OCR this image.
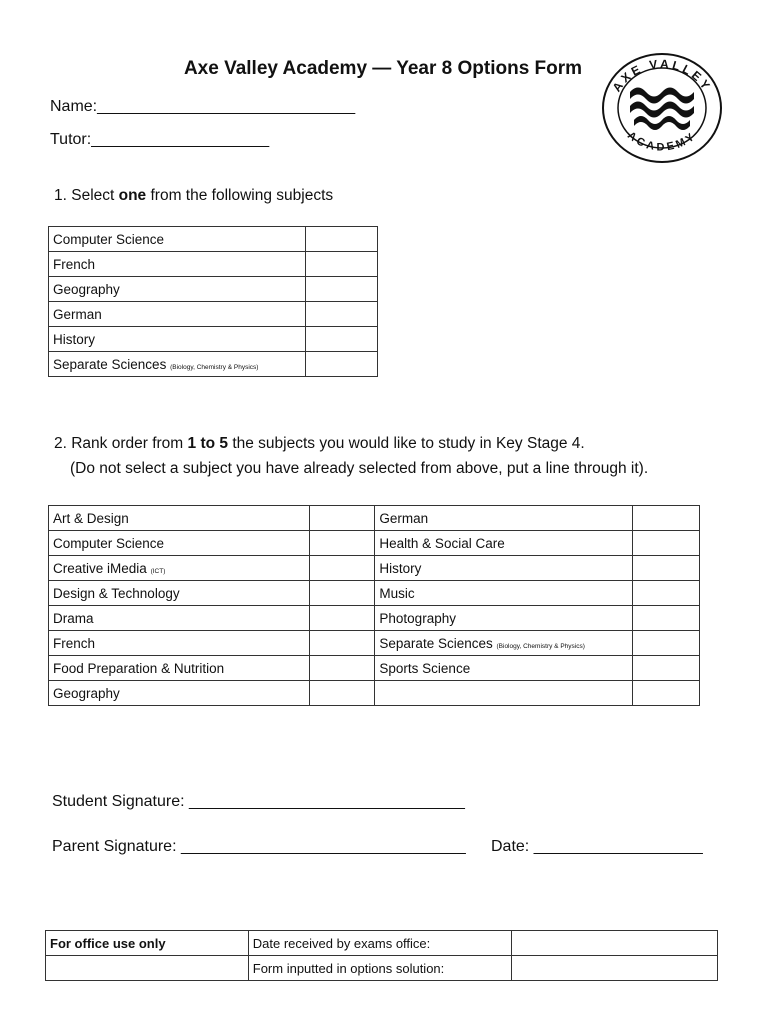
Axe Valley Academy — Year 8 Options Form
AXE VALLEY
ACADEMY
Name:_____________________________
Tutor:____________________
1. Select one from the following subjects
Computer Science	
French	
Geography	
German	
History	
Separate Sciences (Biology, Chemistry & Physics)	
2. Rank order from 1 to 5 the subjects you would like to study in Key Stage 4.
(Do not select a subject you have already selected from above, put a line through it).
Art & Design		German	
Computer Science		Health & Social Care	
Creative iMedia (ICT)		History	
Design & Technology		Music	
Drama		Photography	
French		Separate Sciences (Biology, Chemistry & Physics)	
Food Preparation & Nutrition		Sports Science	
Geography			
Student Signature: _______________________________
Parent Signature: ________________________________ Date: ___________________
For office use only	Date received by exams office:	
	Form inputted in options solution:	
